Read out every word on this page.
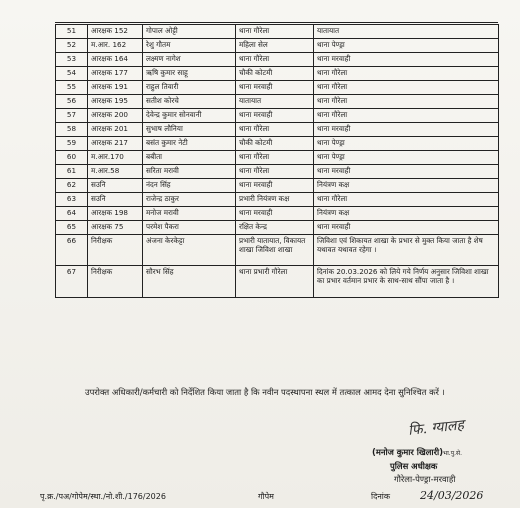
51	आरक्षक 152	गोपाल ओट्टी	थाना गौरेला	यातायात
52	म.आर. 162	रेशु गौतम	महिला सेल	थाना पेण्ड्रा
53	आरक्षक 164	लक्ष्मण नागेश	थाना गौरेला	थाना मरवाही
54	आरक्षक 177	ऋषि कुमार साहू	चौकी कोटमी	थाना गौरेला
55	आरक्षक 191	राहुल तिवारी	थाना मरवाही	थाना गौरेला
56	आरक्षक 195	सतीश कोरचे	यातायात	थाना गौरेला
57	आरक्षक 200	देवेन्द्र कुमार सोनवानी	थाना मरवाही	थाना गौरेला
58	आरक्षक 201	सुभाष लौनिया	थाना गौरेला	थाना मरवाही
59	आरक्षक 217	बसंत कुमार नेटी	चौकी कोटमी	थाना पेण्ड्रा
60	म.आर.170	बबीता	थाना गौरेला	थाना पेण्ड्रा
61	म.आर.58	सरिता मरावी	थाना गौरेला	थाना मरवाही
62	सउनि	नंदन सिंह	थाना मरवाही	नियंत्रण कक्ष
63	सउनि	राजेन्द्र ठाकुर	प्रभारी नियंत्रण कक्ष	थाना गौरेला
64	आरक्षक 198	मनोज मरावी	थाना मरवाही	नियंत्रण कक्ष
65	आरक्षक 75	परमेश पैकरा	रक्षित केन्द्र	थाना मरवाही
66	निरीक्षक	अंजना केरकेट्टा	प्रभारी यातायात, विकायत शाखा जिविशा शाखा	जिविशा एवं शिकायत शाखा के प्रभार से मुक्त किया जाता है शेष यथावत यथावत रहेगा ।
67	निरीक्षक	सौरभ सिंह	थाना प्रभारी गौरेला	दिनांक 20.03.2026 को लिये गये निर्णय अनुसार जिविशा शाखा का प्रभार वर्तमान प्रभार के साथ-साथ सौंपा जाता है ।
उपरोक्त अधिकारी/कर्मचारी को निर्देशित किया जाता है कि नवीन पदस्थापना स्थल में तत्काल आमद देना सुनिश्चित करें ।
फि. ग्यालह
(मनोज कुमार खिलारी)भा.पु.से.
पुलिस अधीक्षक
गौरेला-पेण्ड्रा-मरवाही
पृ.क्र./पअ/गोपेम/स्था./नो.शी./176/2026	गौपेम	दिनांक	24/03/2026
